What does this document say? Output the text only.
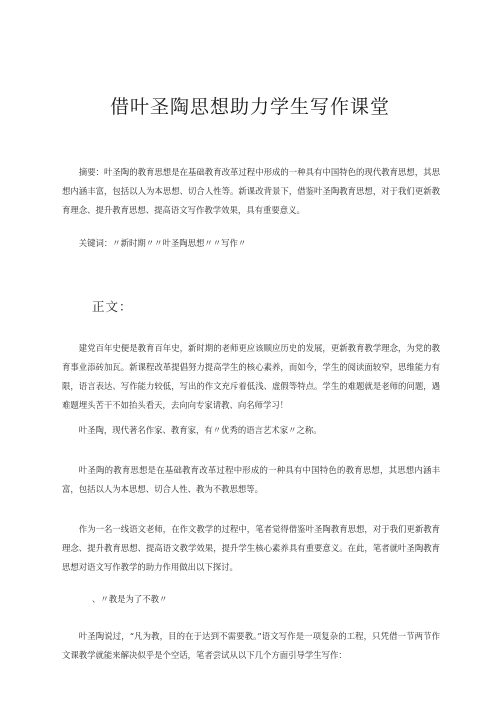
借叶圣陶思想助力学生写作课堂

摘要：叶圣陶的教育思想是在基础教育改革过程中形成的一种具有中国特色的现代教育思想，其思想内涵丰富，包括以人为本思想、切合人性等。新课改背景下，借鉴叶圣陶教育思想，对于我们更新教育理念、提升教育思想、提高语文写作教学效果，具有重要意义。

关键词：〃新时期〃〃叶圣陶思想〃〃写作〃

正文：

建党百年史便是教育百年史，新时期的老师更应该顺应历史的发展，更新教育教学理念，为党的教育事业添砖加瓦。新课程改革提倡努力提高学生的核心素养，而如今，学生的阅读面较窄，思维能力有限，语言表达、写作能力较低，写出的作文充斥着低浅、虚假等特点。学生的难题就是老师的问题，遇难题埋头苦干不如抬头看天，去向向专家请教、向名师学习！

叶圣陶，现代著名作家、教育家，有〃优秀的语言艺术家〃之称。

叶圣陶的教育思想是在基础教育改革过程中形成的一种具有中国特色的教育思想，其思想内涵丰富，包括以人为本思想、切合人性、教为不教思想等。

作为一名一线语文老师，在作文教学的过程中，笔者觉得借鉴叶圣陶教育思想，对于我们更新教育理念、提升教育思想、提高语文教学效果，提升学生核心素养具有重要意义。在此，笔者就叶圣陶教育思想对语文写作教学的助力作用做出以下探讨。

、〃教是为了不教〃

叶圣陶说过，“凡为教，目的在于达到不需要教。”语文写作是一项复杂的工程，只凭借一节两节作文课教学就能来解决似乎是个空话，笔者尝试从以下几个方面引导学生写作：
